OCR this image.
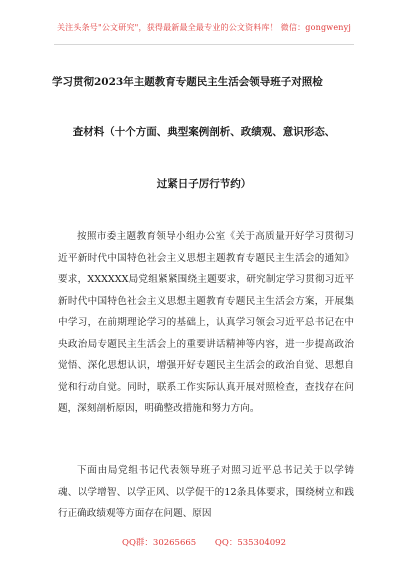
关注头条号"公文研究"，获得最新最全最专业的公文资料库！ 微信：gongwenyj
学习贯彻2023年主题教育专题民主生活会领导班子对照检
查材料（十个方面、典型案例剖析、政绩观、意识形态、
过紧日子厉行节约）
按照市委主题教育领导小组办公室《关于高质量开好学习贯彻习近平新时代中国特色社会主义思想主题教育专题民主生活会的通知》要求，XXXXXX局党组紧紧围绕主题要求，研究制定学习贯彻习近平新时代中国特色社会主义思想主题教育专题民主生活会方案，开展集中学习，在前期理论学习的基础上，认真学习领会习近平总书记在中央政治局专题民主生活会上的重要讲话精神等内容，进一步提高政治觉悟、深化思想认识，增强开好专题民主生活会的政治自觉、思想自觉和行动自觉。同时，联系工作实际认真开展对照检查，查找存在问题，深刻剖析原因，明确整改措施和努力方向。
下面由局党组书记代表领导班子对照习近平总书记关于以学铸魂、以学增智、以学正风、以学促干的12条具体要求，围绕树立和践行正确政绩观等方面存在问题、原因
QQ群：30265665 QQ：535304092
